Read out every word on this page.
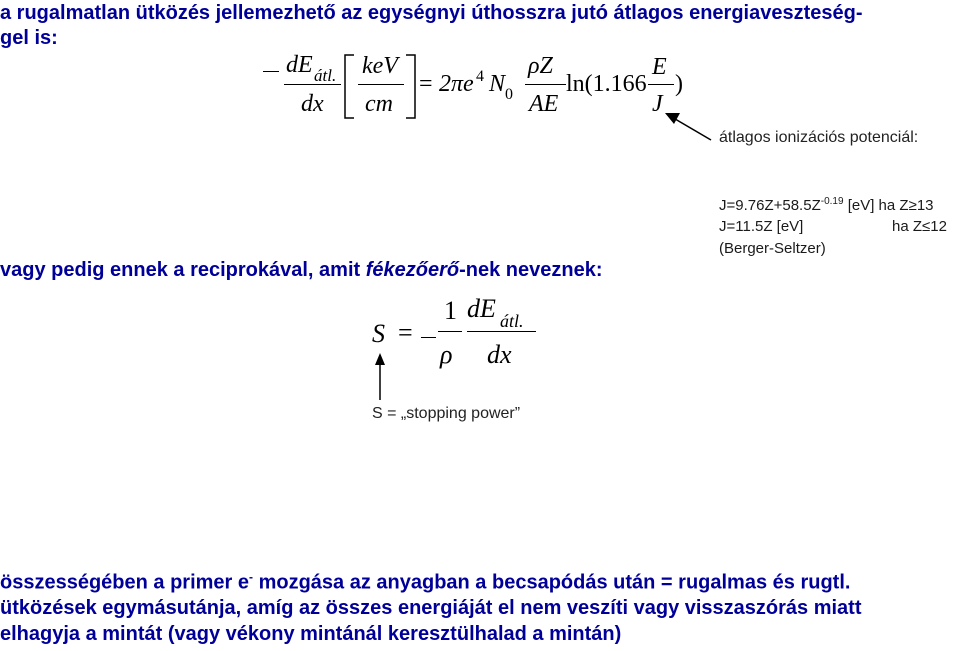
a rugalmatlan ütközés jellemezhető az egységnyi úthosszra jutó átlagos energiaveszteség-
gel is:
dE átl.
dx
keV
cm
= 2πe 4 N 0
ρZ
AE
ln(1.166
E
J
)
átlagos ionizációs potenciál:
$J=9.76Z+58.5Z^{-0.19}$ [eV] ha Z≥13
J=11.5Z [eV]	ha Z≤12
(Berger-Seltzer)
vagy pedig ennek a reciprokával, amit fékezőerő-nek neveznek:
S =
1
ρ
dE átl.
dx
S = „stopping power”
összességében a primer e- mozgása az anyagban a becsapódás után = rugalmas és rugtl.
ütközések egymásutánja, amíg az összes energiáját el nem veszíti vagy visszaszórás miatt
elhagyja a mintát (vagy vékony mintánál keresztülhalad a mintán)
